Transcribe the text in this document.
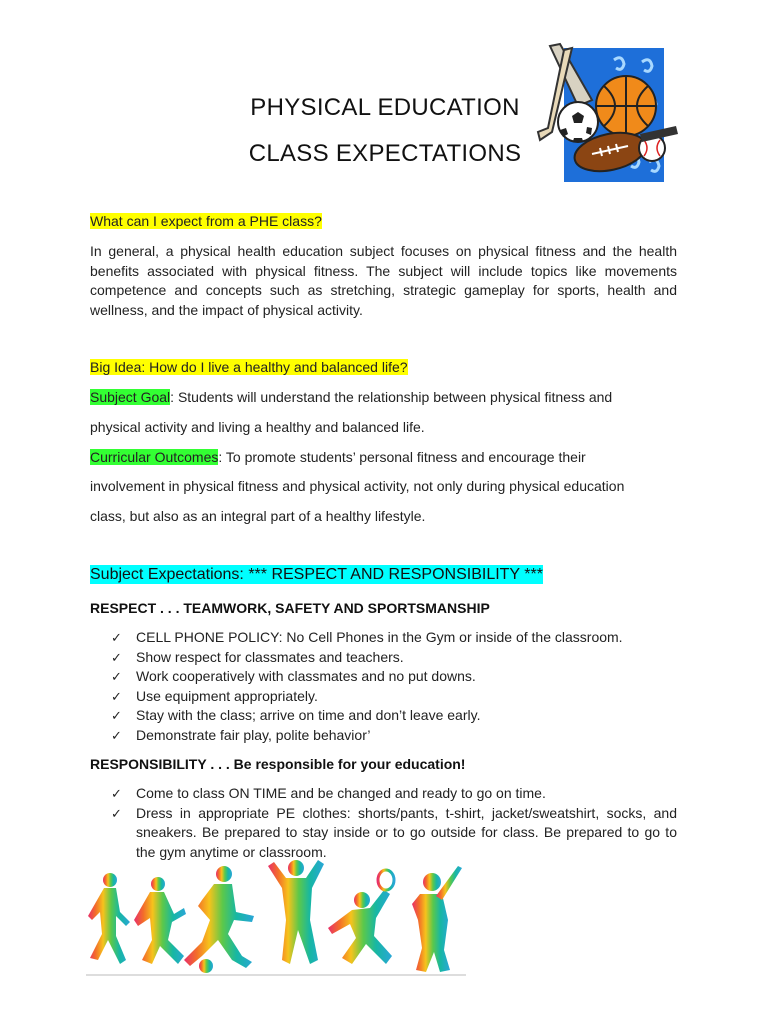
PHYSICAL EDUCATION
CLASS EXPECTATIONS
What can I expect from a PHE class?
In general, a physical health education subject focuses on physical fitness and the health benefits associated with physical fitness. The subject will include topics like movements competence and concepts such as stretching, strategic gameplay for sports, health and wellness, and the impact of physical activity.
Big Idea: How do I live a healthy and balanced life?
Subject Goal: Students will understand the relationship between physical fitness and
physical activity and living a healthy and balanced life.
Curricular Outcomes: To promote students’ personal fitness and encourage their
involvement in physical fitness and physical activity, not only during physical education
class, but also as an integral part of a healthy lifestyle.
Subject Expectations: *** RESPECT AND RESPONSIBILITY ***
RESPECT . . . TEAMWORK, SAFETY AND SPORTSMANSHIP
✓ CELL PHONE POLICY: No Cell Phones in the Gym or inside of the classroom.
✓ Show respect for classmates and teachers.
✓ Work cooperatively with classmates and no put downs.
✓ Use equipment appropriately.
✓ Stay with the class; arrive on time and don’t leave early.
✓ Demonstrate fair play, polite behavior’
RESPONSIBILITY . . . Be responsible for your education!
✓ Come to class ON TIME and be changed and ready to go on time.
✓ Dress in appropriate PE clothes: shorts/pants, t-shirt, jacket/sweatshirt, socks, and sneakers. Be prepared to stay inside or to go outside for class. Be prepared to go to the gym anytime or classroom.
